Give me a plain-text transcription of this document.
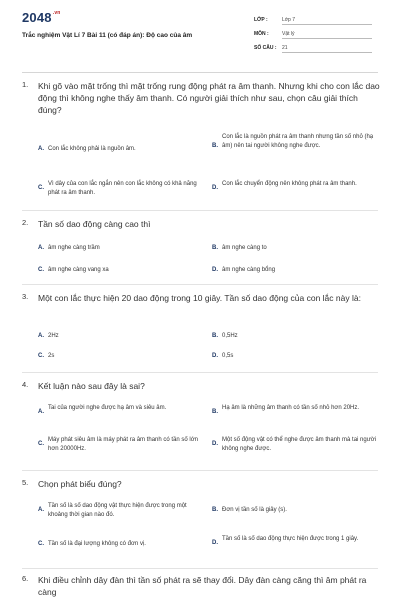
$2048^{.vn}$
Trắc nghiệm Vật Lí 7 Bài 11 (có đáp án): Độ cao của âm
LỚP :	Lớp 7
MÔN :	Vật lý
SỐ CÂU : 21
1. Khi gõ vào mặt trống thì mặt trống rung động phát ra âm thanh. Nhưng khi cho con lắc dao động thì không nghe thấy âm thanh. Có người giải thích như sau, chọn câu giải thích đúng?
A. Con lắc không phải là nguồn âm.	B.
Con lắc là nguồn phát ra âm thanh nhưng tần số nhỏ (hạ âm) nên tai người không nghe được.
C.
Vì dây của con lắc ngắn nên con lắc không có khả năng phát ra âm thanh.
D.
Con lắc chuyển động nên không phát ra âm thanh.
2. Tần số dao động càng cao thì
A. âm nghe càng trầm	B. âm nghe càng to
C. âm nghe càng vang xa	D. âm nghe càng bổng
3. Một con lắc thực hiện 20 dao động trong 10 giây. Tần số dao động của con lắc này là:
A. 2Hz	B. 0,5Hz
C. 2s	D. 0,5s
4. Kết luận nào sau đây là sai?
A.
Tai của người nghe được hạ âm và siêu âm.
B.
Hạ âm là những âm thanh có tần số nhỏ hơn 20Hz.
C.
Máy phát siêu âm là máy phát ra âm thanh có tần số lớn hơn 20000Hz.
D.
Một số động vật có thể nghe được âm thanh mà tai người không nghe được.
5. Chọn phát biểu đúng?
A.
Tần số là số dao động vật thực hiện được trong một khoảng thời gian nào đó.
B. Đơn vị tần số là giây (s).
C. Tần số là đại lượng không có đơn vị.	D.
Tần số là số dao động thực hiện được trong 1 giây.
6. Khi điều chỉnh dây đàn thì tần số phát ra sẽ thay đổi. Dây đàn càng căng thì âm phát ra càng
